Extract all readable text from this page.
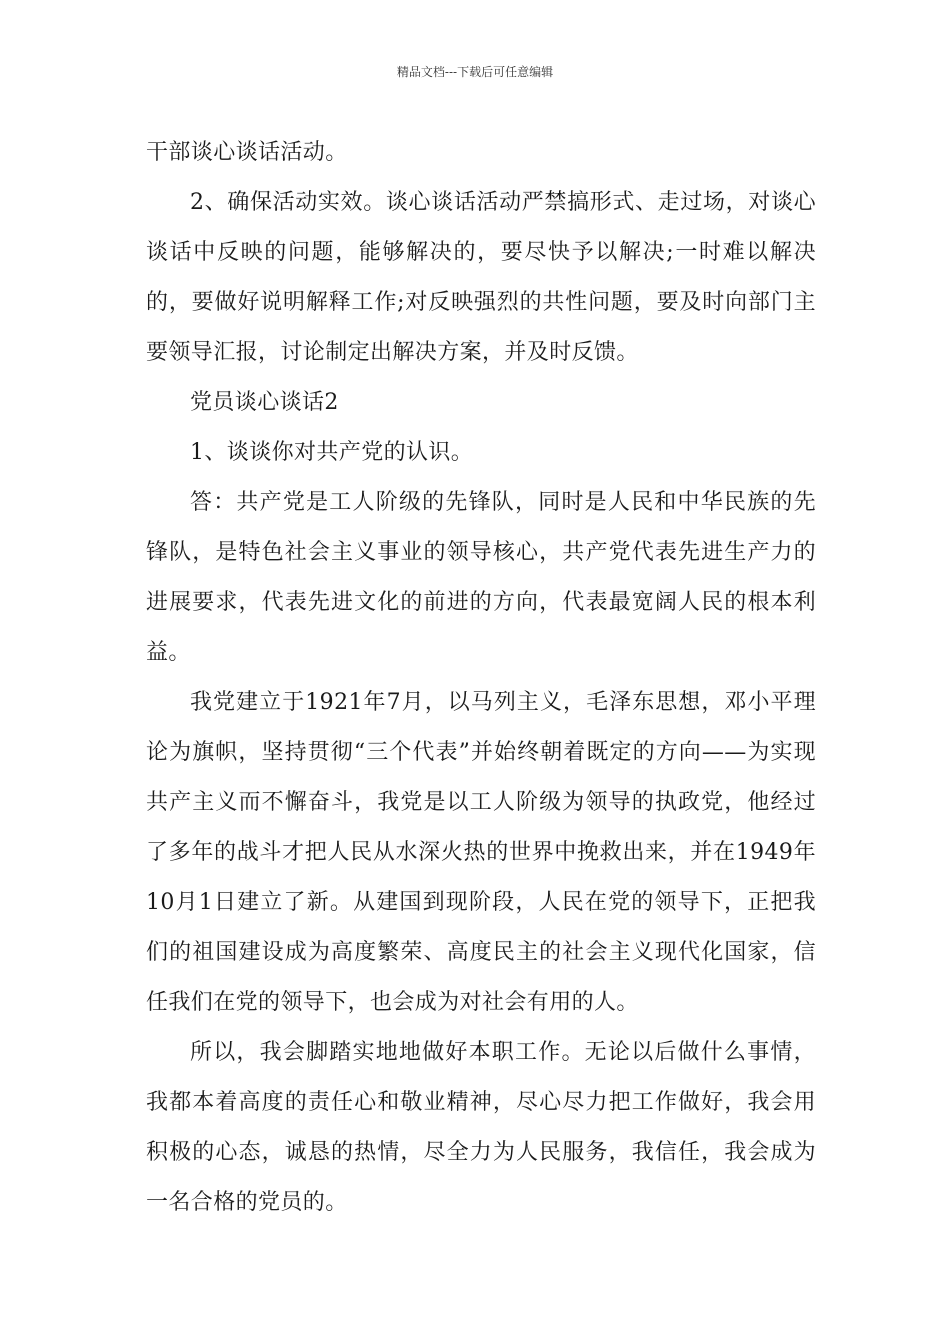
精品文档---下载后可任意编辑

干部谈心谈话活动。

2、确保活动实效。谈心谈话活动严禁搞形式、走过场，对谈心谈话中反映的问题，能够解决的，要尽快予以解决;一时难以解决的，要做好说明解释工作;对反映强烈的共性问题，要及时向部门主要领导汇报，讨论制定出解决方案，并及时反馈。

党员谈心谈话2

1、谈谈你对共产党的认识。

答：共产党是工人阶级的先锋队，同时是人民和中华民族的先锋队，是特色社会主义事业的领导核心，共产党代表先进生产力的进展要求，代表先进文化的前进的方向，代表最宽阔人民的根本利益。

我党建立于1921年7月，以马列主义，毛泽东思想，邓小平理论为旗帜，坚持贯彻“三个代表”并始终朝着既定的方向——为实现共产主义而不懈奋斗，我党是以工人阶级为领导的执政党，他经过了多年的战斗才把人民从水深火热的世界中挽救出来，并在1949年10月1日建立了新。从建国到现阶段，人民在党的领导下，正把我们的祖国建设成为高度繁荣、高度民主的社会主义现代化国家，信任我们在党的领导下，也会成为对社会有用的人。

所以，我会脚踏实地地做好本职工作。无论以后做什么事情，我都本着高度的责任心和敬业精神，尽心尽力把工作做好，我会用积极的心态，诚恳的热情，尽全力为人民服务，我信任，我会成为一名合格的党员的。
